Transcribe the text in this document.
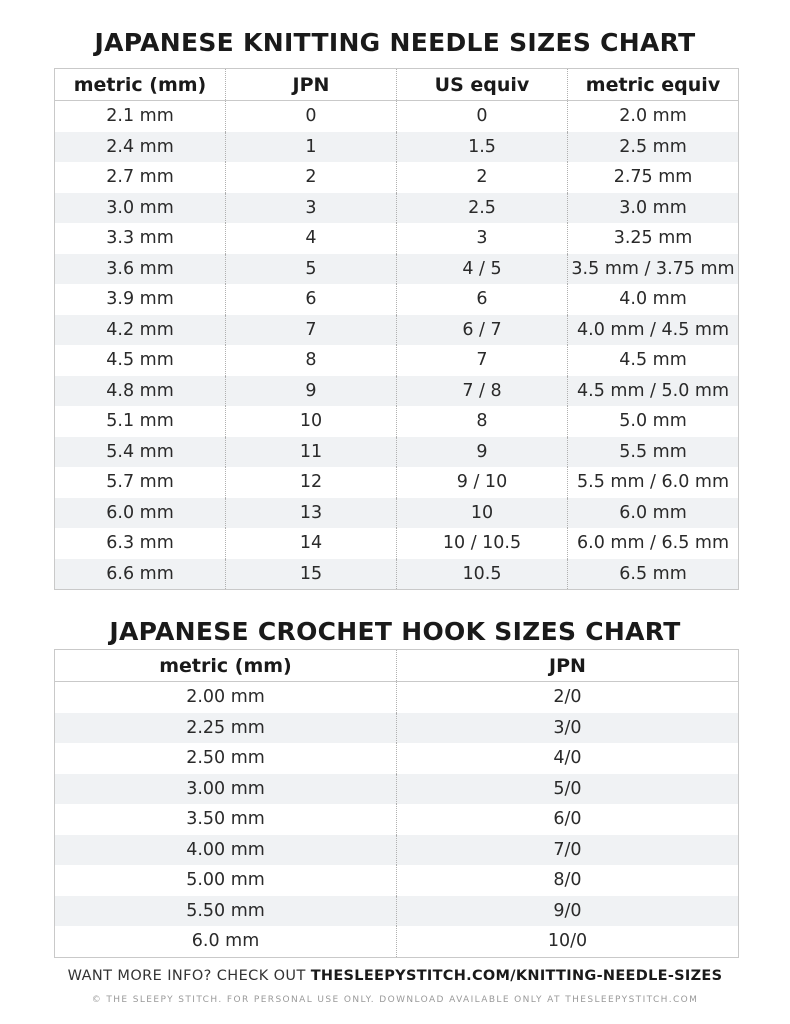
JAPANESE KNITTING NEEDLE SIZES CHART
metric (mm)	JPN	US equiv	metric equiv
2.1 mm	0	0	2.0 mm
2.4 mm	1	1.5	2.5 mm
2.7 mm	2	2	2.75 mm
3.0 mm	3	2.5	3.0 mm
3.3 mm	4	3	3.25 mm
3.6 mm	5	4 / 5	3.5 mm / 3.75 mm
3.9 mm	6	6	4.0 mm
4.2 mm	7	6 / 7	4.0 mm / 4.5 mm
4.5 mm	8	7	4.5 mm
4.8 mm	9	7 / 8	4.5 mm / 5.0 mm
5.1 mm	10	8	5.0 mm
5.4 mm	11	9	5.5 mm
5.7 mm	12	9 / 10	5.5 mm / 6.0 mm
6.0 mm	13	10	6.0 mm
6.3 mm	14	10 / 10.5	6.0 mm / 6.5 mm
6.6 mm	15	10.5	6.5 mm
JAPANESE CROCHET HOOK SIZES CHART
metric (mm)	JPN
2.00 mm	2/0
2.25 mm	3/0
2.50 mm	4/0
3.00 mm	5/0
3.50 mm	6/0
4.00 mm	7/0
5.00 mm	8/0
5.50 mm	9/0
6.0 mm	10/0

WANT MORE INFO? CHECK OUT THESLEEPYSTITCH.COM/KNITTING-NEEDLE-SIZES

© THE SLEEPY STITCH. FOR PERSONAL USE ONLY. DOWNLOAD AVAILABLE ONLY AT THESLEEPYSTITCH.COM
